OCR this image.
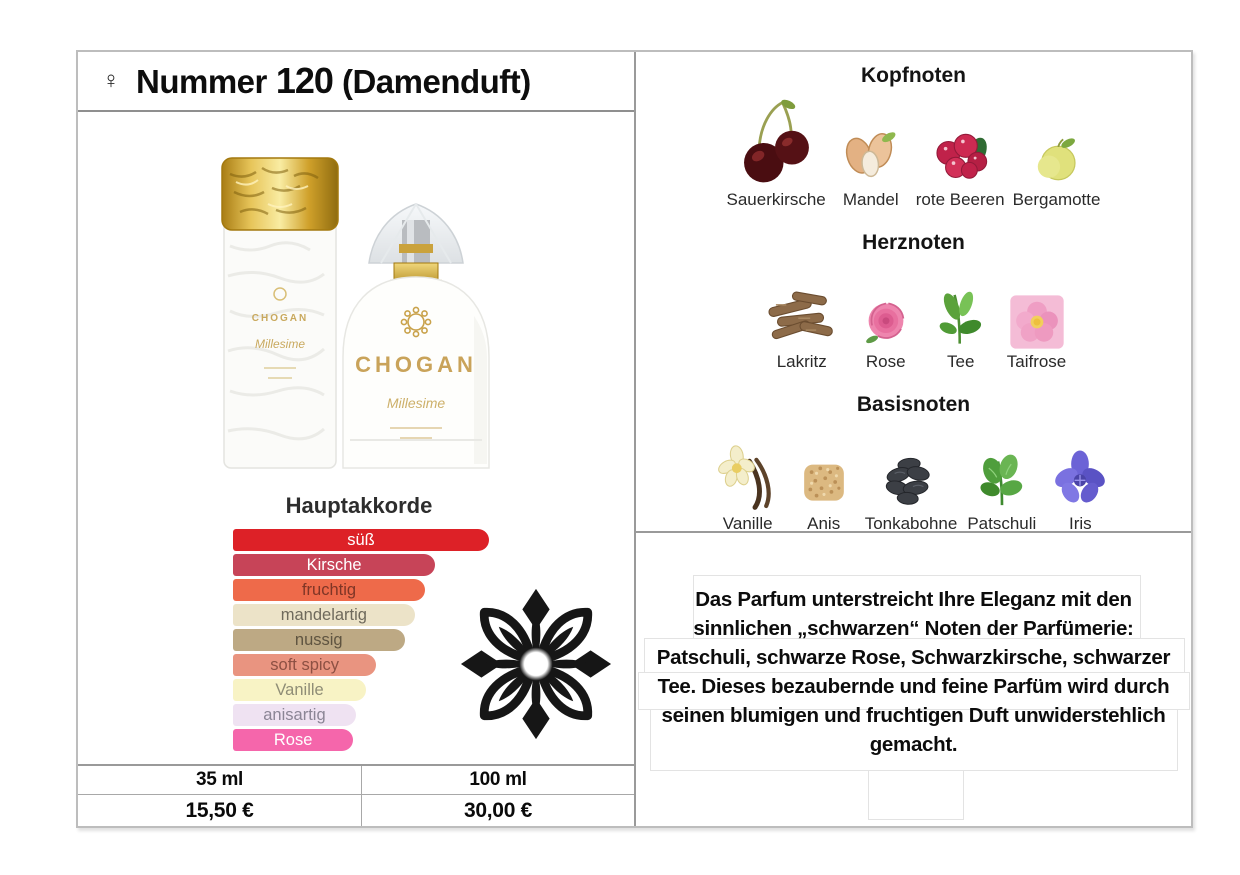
♀ Nummer 120 (Damenduft)
CHOGAN
Millesime
CHOGAN
Millesime
Hauptakkorde
süß
Kirsche
fruchtig
mandelartig
nussig
soft spicy
Vanille
anisartig
Rose
35 ml	100 ml
15,50 €	30,00 €
Kopfnoten
Sauerkirsche Mandel rote Beeren Bergamotte
Herznoten
Lakritz Rose Tee Taifrose
Basisnoten
Vanille Anis Tonkabohne Patschuli Iris
Das Parfum unterstreicht Ihre Eleganz mit den
sinnlichen „schwarzen“ Noten der Parfümerie:
Patschuli, schwarze Rose, Schwarzkirsche, schwarzer
Tee. Dieses bezaubernde und feine Parfüm wird durch
seinen blumigen und fruchtigen Duft unwiderstehlich
gemacht.
